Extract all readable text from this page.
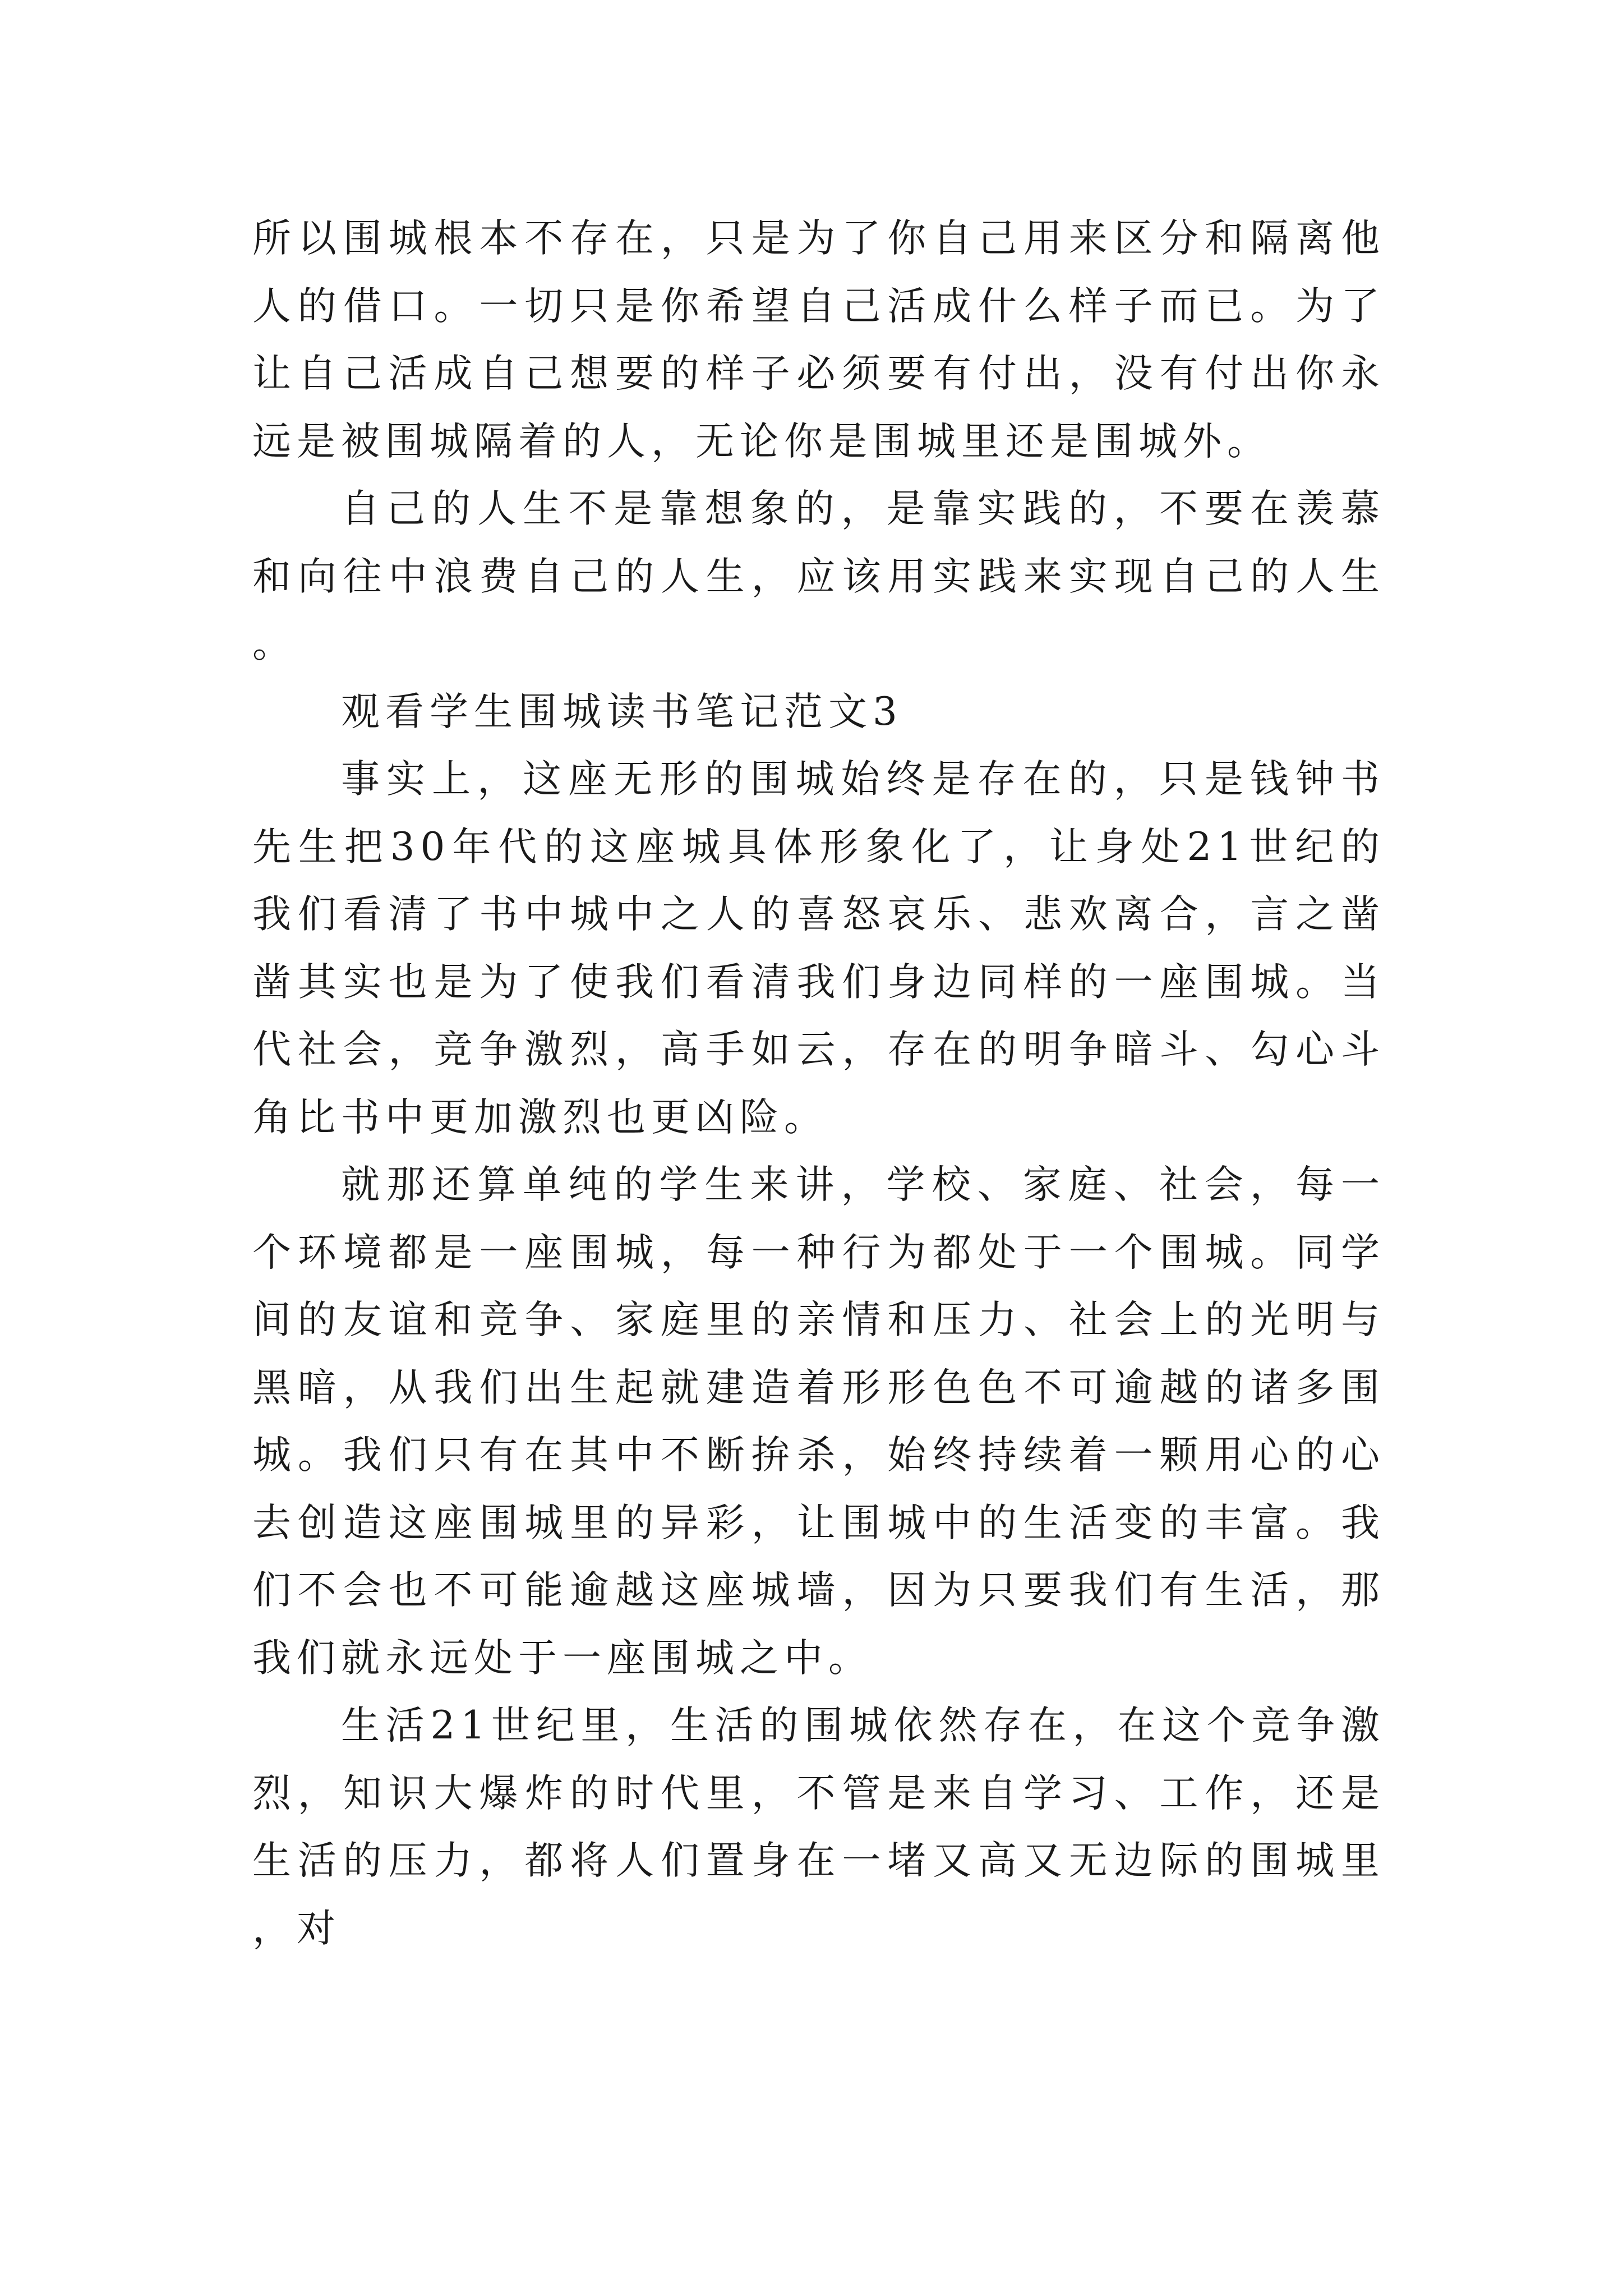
所以围城根本不存在，只是为了你自己用来区分和隔离他人的借口。一切只是你希望自己活成什么样子而已。为了让自己活成自己想要的样子必须要有付出，没有付出你永远是被围城隔着的人，无论你是围城里还是围城外。

自己的人生不是靠想象的，是靠实践的，不要在羡慕和向往中浪费自己的人生，应该用实践来实现自己的人生。

观看学生围城读书笔记范文3

事实上，这座无形的围城始终是存在的，只是钱钟书先生把30年代的这座城具体形象化了，让身处21世纪的我们看清了书中城中之人的喜怒哀乐、悲欢离合，言之凿凿其实也是为了使我们看清我们身边同样的一座围城。当代社会，竞争激烈，高手如云，存在的明争暗斗、勾心斗角比书中更加激烈也更凶险。

就那还算单纯的学生来讲，学校、家庭、社会，每一个环境都是一座围城，每一种行为都处于一个围城。同学间的友谊和竞争、家庭里的亲情和压力、社会上的光明与黑暗，从我们出生起就建造着形形色色不可逾越的诸多围城。我们只有在其中不断拚杀，始终持续着一颗用心的心去创造这座围城里的异彩，让围城中的生活变的丰富。我们不会也不可能逾越这座城墙，因为只要我们有生活，那我们就永远处于一座围城之中。

生活21世纪里，生活的围城依然存在，在这个竞争激烈，知识大爆炸的时代里，不管是来自学习、工作，还是生活的压力，都将人们置身在一堵又高又无边际的围城里，对
